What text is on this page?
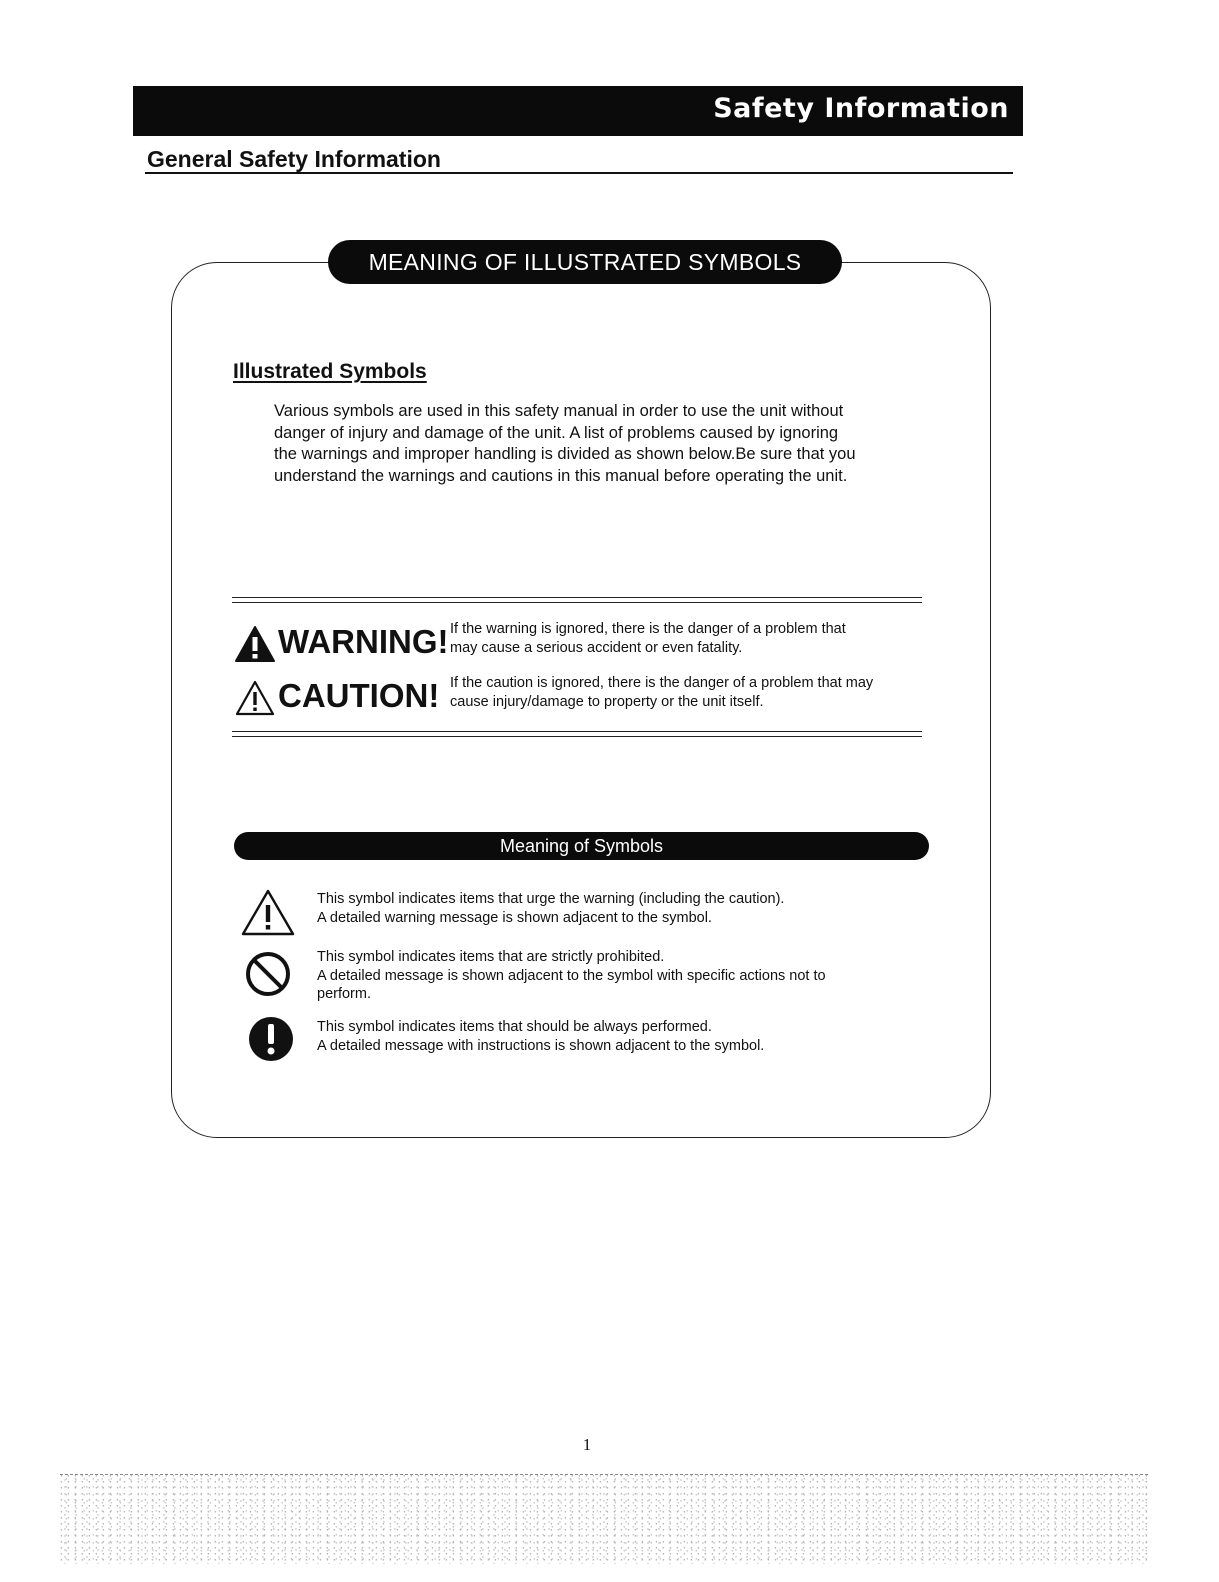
Safety Information
General Safety Information
MEANING OF ILLUSTRATED SYMBOLS
Illustrated Symbols
Various symbols are used in this safety manual in order to use the unit without
danger of injury and damage of the unit. A list of problems caused by ignoring
the warnings and improper handling is divided as shown below.Be sure that you
understand the warnings and cautions in this manual before operating the unit.
WARNING! If the warning is ignored, there is the danger of a problem that
may cause a serious accident or even fatality.
CAUTION! If the caution is ignored, there is the danger of a problem that may
cause injury/damage to property or the unit itself.
Meaning of Symbols
This symbol indicates items that urge the warning (including the caution).
A detailed warning message is shown adjacent to the symbol.
This symbol indicates items that are strictly prohibited.
A detailed message is shown adjacent to the symbol with specific actions not to
perform.
This symbol indicates items that should be always performed.
A detailed message with instructions is shown adjacent to the symbol.
1
